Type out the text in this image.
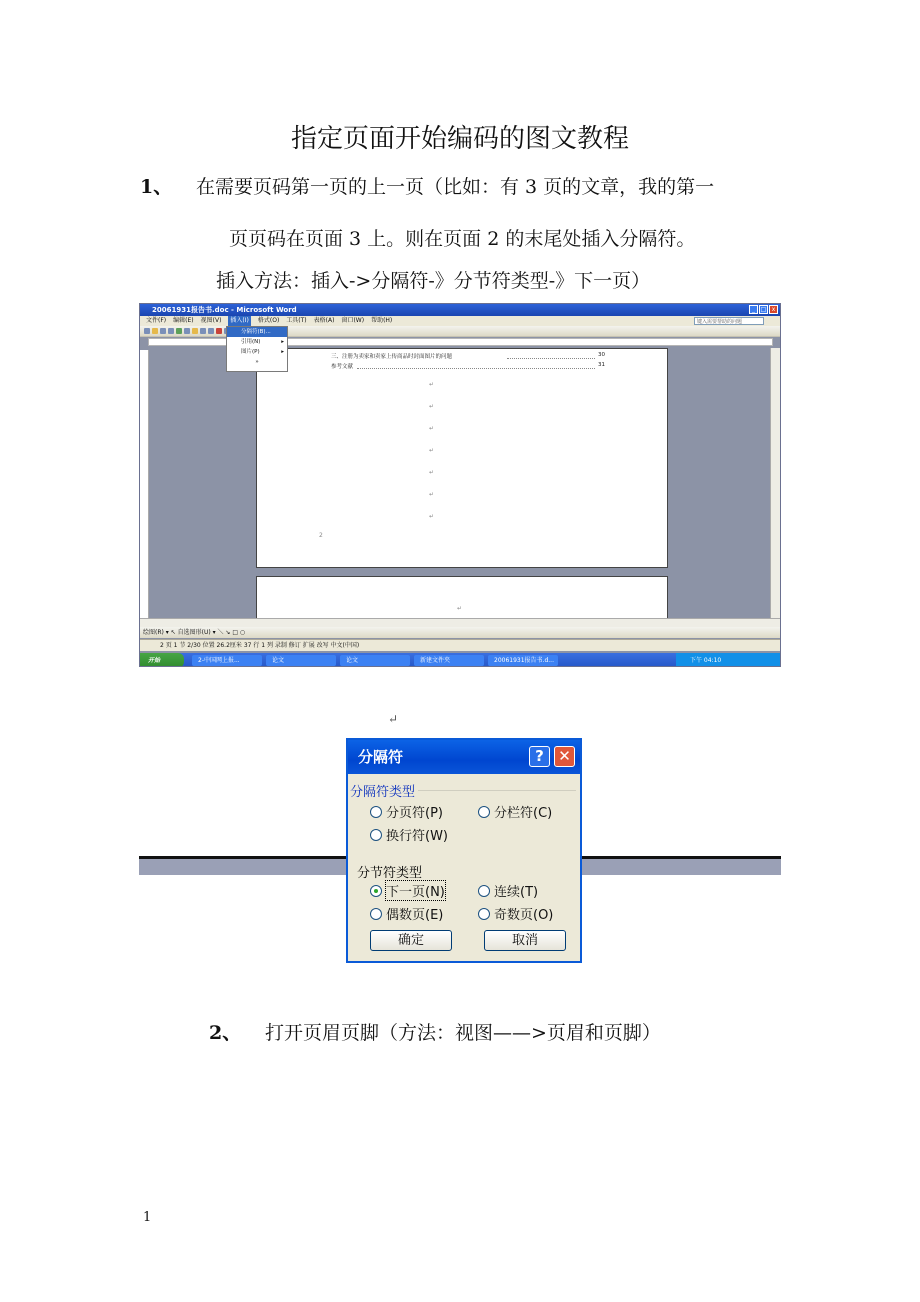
指定页面开始编码的图文教程
1、 在需要页码第一页的上一页（比如：有 3 页的文章，我的第一
页页码在页面 3 上。则在页面 2 的末尾处插入分隔符。
插入方法：插入->分隔符-》分节符类型-》下一页）
20061931报告书.doc - Microsoft Word	_ □ x
文件(F) 编辑(E) 视图(V)	插入(I)	格式(O) 工具(T) 表格(A) 窗口(W) 帮助(H)	键入需要帮助的问题
三、注册为卖家和卖家上传商品时封面图片的问题	30
参考文献	31
↵
↵
↵
↵
↵
↵
↵
2
↵
分隔符(B)...
引用(N)	▸
图片(P)	▸
»
绘图(R) ▾ ↖ 自选图形(U) ▾ ＼ ↘ □ ○
2 页 1 节 2/30 位置 26.2厘米 37 行 1 列 录制 修订 扩展 改写 中文(中国)
开始	2-中国网上报...	论文	论文	新建文件夹	20061931报告书.d...	下午 04:10
↵
分隔符	? ✕
分隔符类型
分页符(P)	分栏符(C)
换行符(W)
分节符类型
下一页(N)	连续(T)
偶数页(E)	奇数页(O)
确定	取消
2、 打开页眉页脚（方法：视图——>页眉和页脚）
1
